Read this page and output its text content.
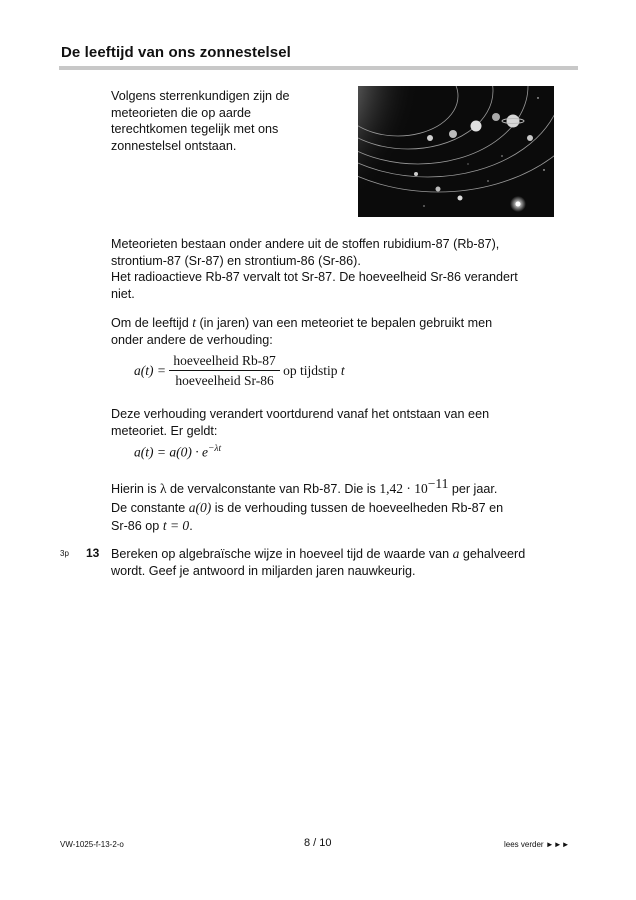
De leeftijd van ons zonnestelsel
Volgens sterrenkundigen zijn de
meteorieten die op aarde
terechtkomen tegelijk met ons
zonnestelsel ontstaan.
Meteorieten bestaan onder andere uit de stoffen rubidium-87 (Rb-87),
strontium-87 (Sr-87) en strontium-86 (Sr-86).
Het radioactieve Rb-87 vervalt tot Sr-87. De hoeveelheid Sr-86 verandert
niet.
Om de leeftijd t (in jaren) van een meteoriet te bepalen gebruikt men
onder andere de verhouding:
$a(t) = \frac{\text{hoeveelheid Rb-87}}{\text{hoeveelheid Sr-86}}$ op tijdstip t
Deze verhouding verandert voortdurend vanaf het ontstaan van een
meteoriet. Er geldt:
$a(t) = a(0) \cdot e^{-\lambda t}$
Hierin is λ de vervalconstante van Rb-87. Die is $1,42 \cdot 10^{-11}$ per jaar.
De constante a(0) is de verhouding tussen de hoeveelheden Rb-87 en
Sr-86 op t = 0.
3p 13 Bereken op algebraïsche wijze in hoeveel tijd de waarde van a gehalveerd
wordt. Geef je antwoord in miljarden jaren nauwkeurig.
VW-1025-f-13-2-o	8 / 10	lees verder ►►►
